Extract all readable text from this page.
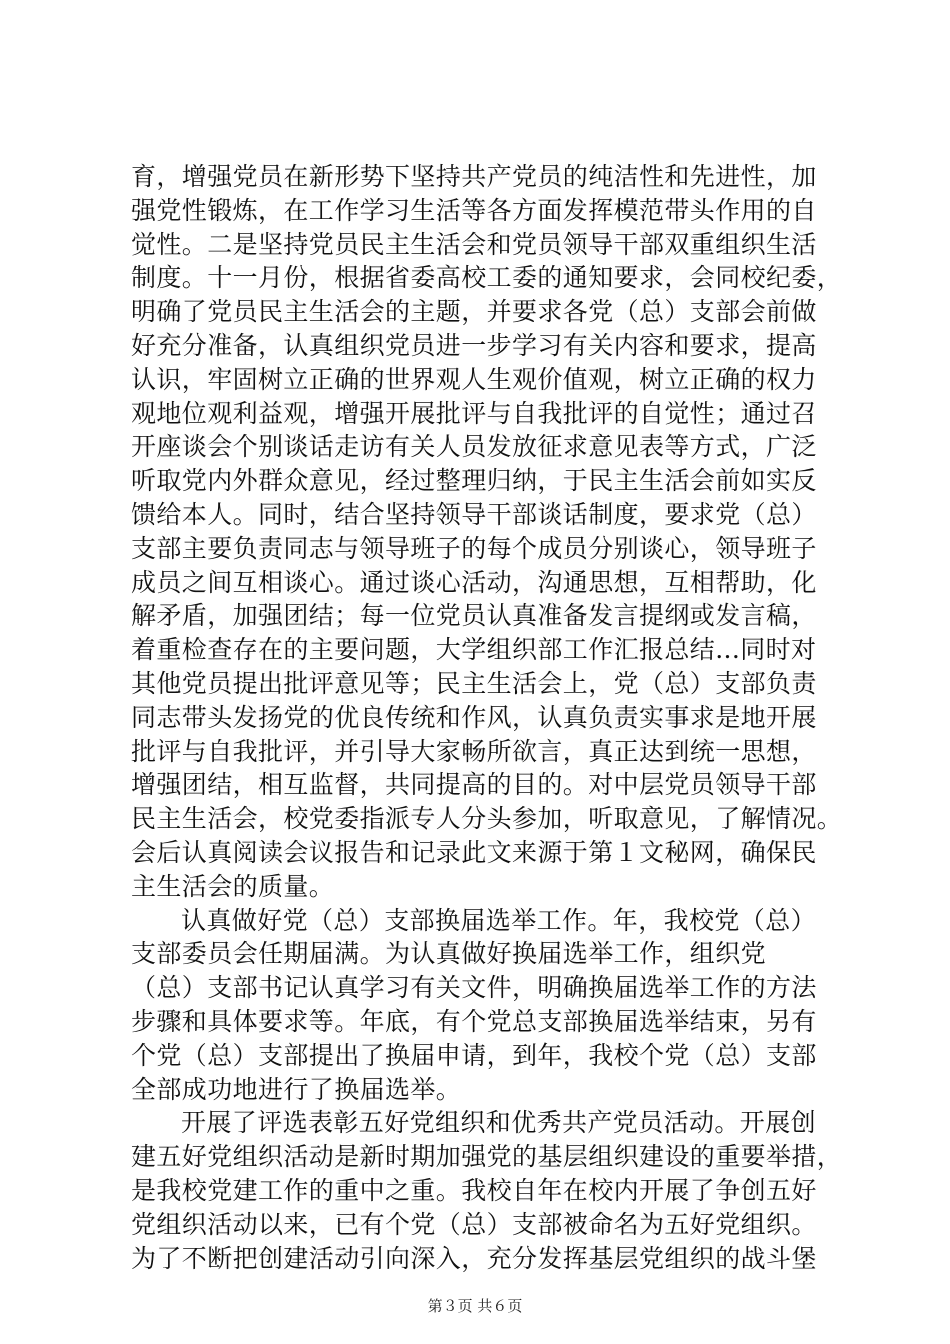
育，增强党员在新形势下坚持共产党员的纯洁性和先进性，加
强党性锻炼，在工作学习生活等各方面发挥模范带头作用的自
觉性。二是坚持党员民主生活会和党员领导干部双重组织生活
制度。十一月份，根据省委高校工委的通知要求，会同校纪委，
明确了党员民主生活会的主题，并要求各党（总）支部会前做
好充分准备，认真组织党员进一步学习有关内容和要求，提高
认识，牢固树立正确的世界观人生观价值观，树立正确的权力
观地位观利益观，增强开展批评与自我批评的自觉性；通过召
开座谈会个别谈话走访有关人员发放征求意见表等方式，广泛
听取党内外群众意见，经过整理归纳，于民主生活会前如实反
馈给本人。同时，结合坚持领导干部谈话制度，要求党（总）
支部主要负责同志与领导班子的每个成员分别谈心，领导班子
成员之间互相谈心。通过谈心活动，沟通思想，互相帮助，化
解矛盾，加强团结；每一位党员认真准备发言提纲或发言稿，
着重检查存在的主要问题，大学组织部工作汇报总结...同时对
其他党员提出批评意见等；民主生活会上，党（总）支部负责
同志带头发扬党的优良传统和作风，认真负责实事求是地开展
批评与自我批评，并引导大家畅所欲言，真正达到统一思想，
增强团结，相互监督，共同提高的目的。对中层党员领导干部
民主生活会，校党委指派专人分头参加，听取意见，了解情况。
会后认真阅读会议报告和记录此文来源于第１文秘网，确保民
主生活会的质量。
认真做好党（总）支部换届选举工作。年，我校党（总）
支部委员会任期届满。为认真做好换届选举工作，组织党
（总）支部书记认真学习有关文件，明确换届选举工作的方法
步骤和具体要求等。年底，有个党总支部换届选举结束，另有
个党（总）支部提出了换届申请，到年，我校个党（总）支部
全部成功地进行了换届选举。
开展了评选表彰五好党组织和优秀共产党员活动。开展创
建五好党组织活动是新时期加强党的基层组织建设的重要举措，
是我校党建工作的重中之重。我校自年在校内开展了争创五好
党组织活动以来，已有个党（总）支部被命名为五好党组织。
为了不断把创建活动引向深入，充分发挥基层党组织的战斗堡
第３页 共６页
